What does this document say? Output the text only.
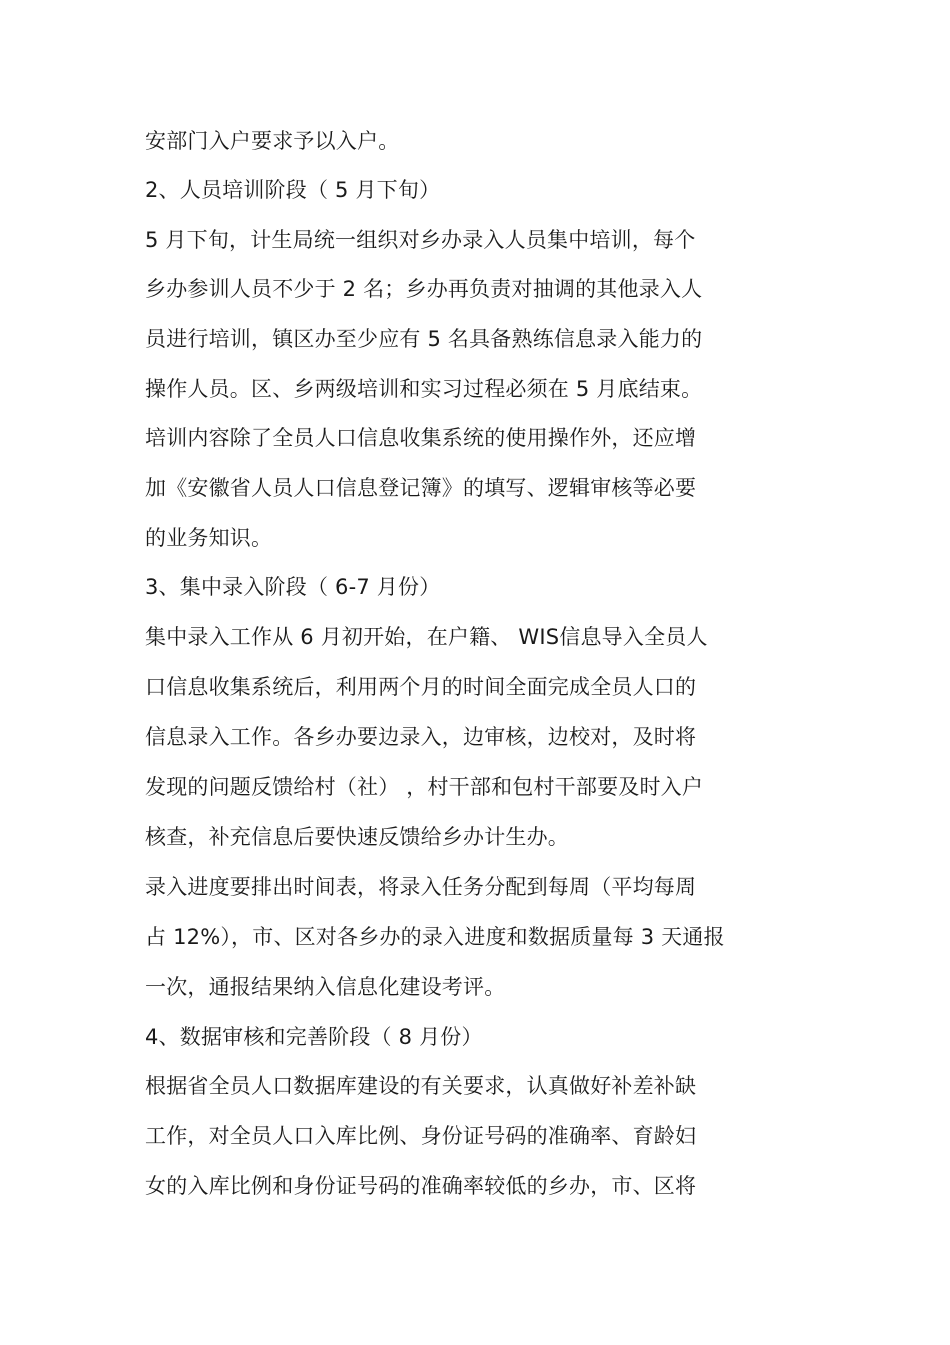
安部门入户要求予以入户。
2、人员培训阶段（ 5 月下旬）
5 月下旬，计生局统一组织对乡办录入人员集中培训，每个
乡办参训人员不少于 2 名；乡办再负责对抽调的其他录入人
员进行培训，镇区办至少应有 5 名具备熟练信息录入能力的
操作人员。区、乡两级培训和实习过程必须在 5 月底结束。
培训内容除了全员人口信息收集系统的使用操作外，还应增
加《安徽省人员人口信息登记簿》的填写、逻辑审核等必要
的业务知识。
3、集中录入阶段（ 6-7 月份）
集中录入工作从 6 月初开始，在户籍、 WIS信息导入全员人
口信息收集系统后，利用两个月的时间全面完成全员人口的
信息录入工作。各乡办要边录入，边审核，边校对，及时将
发现的问题反馈给村（社） ，村干部和包村干部要及时入户
核查，补充信息后要快速反馈给乡办计生办。
录入进度要排出时间表，将录入任务分配到每周（平均每周
占 12%），市、区对各乡办的录入进度和数据质量每 3 天通报
一次，通报结果纳入信息化建设考评。
4、数据审核和完善阶段（ 8 月份）
根据省全员人口数据库建设的有关要求，认真做好补差补缺
工作，对全员人口入库比例、身份证号码的准确率、育龄妇
女的入库比例和身份证号码的准确率较低的乡办，市、区将
